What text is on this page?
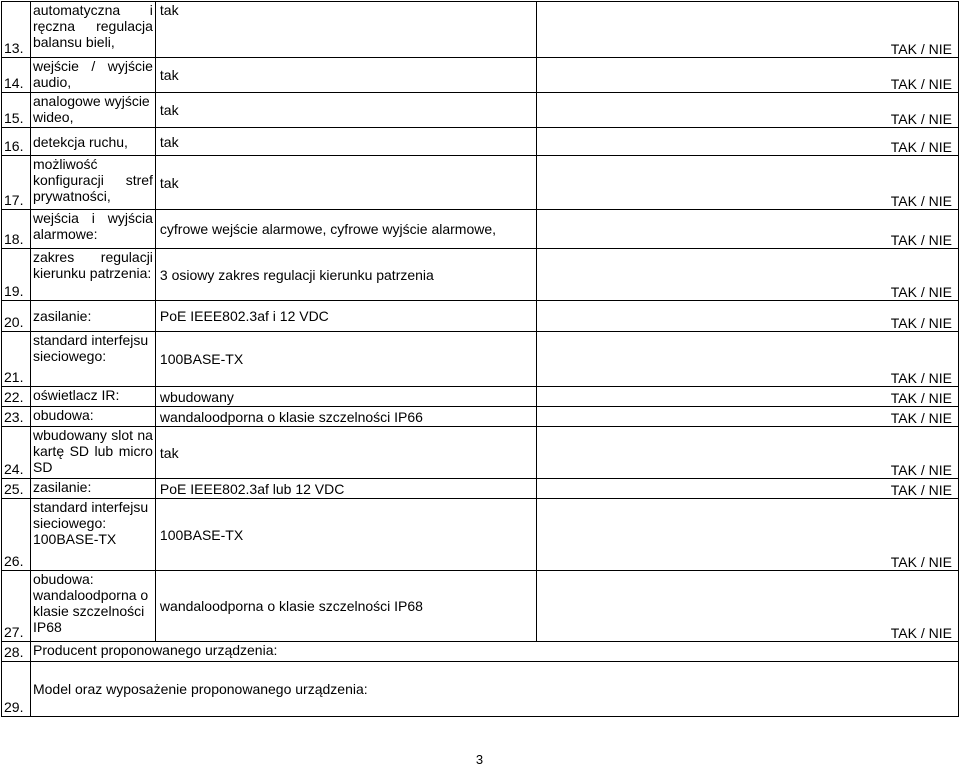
13.	automatyczna i ręczna regulacja balansu bieli,	tak	TAK / NIE
14.	wejście / wyjście audio,	tak	TAK / NIE
15.	analogowe wyjście wideo,	tak	TAK / NIE
16.	detekcja ruchu,	tak	TAK / NIE
17.	możliwość konfiguracji stref prywatności,	tak	TAK / NIE
18.	wejścia i wyjścia alarmowe:	cyfrowe wejście alarmowe, cyfrowe wyjście alarmowe,	TAK / NIE
19.	zakres regulacji kierunku patrzenia:	3 osiowy zakres regulacji kierunku patrzenia	TAK / NIE
20.	zasilanie:	PoE IEEE802.3af i 12 VDC	TAK / NIE
21.	standard interfejsu sieciowego:	100BASE-TX	TAK / NIE
22.	oświetlacz IR:	wbudowany	TAK / NIE
23.	obudowa:	wandaloodporna o klasie szczelności IP66	TAK / NIE
24.	wbudowany slot na kartę SD lub micro SD	tak	TAK / NIE
25.	zasilanie:	PoE IEEE802.3af lub 12 VDC	TAK / NIE
26.	standard interfejsu sieciowego: 100BASE-TX	100BASE-TX	TAK / NIE
27.	obudowa: wandaloodporna o klasie szczelności IP68	wandaloodporna o klasie szczelności IP68	TAK / NIE
28.	Producent proponowanego urządzenia:		
29.	Model oraz wyposażenie proponowanego urządzenia:		
3
